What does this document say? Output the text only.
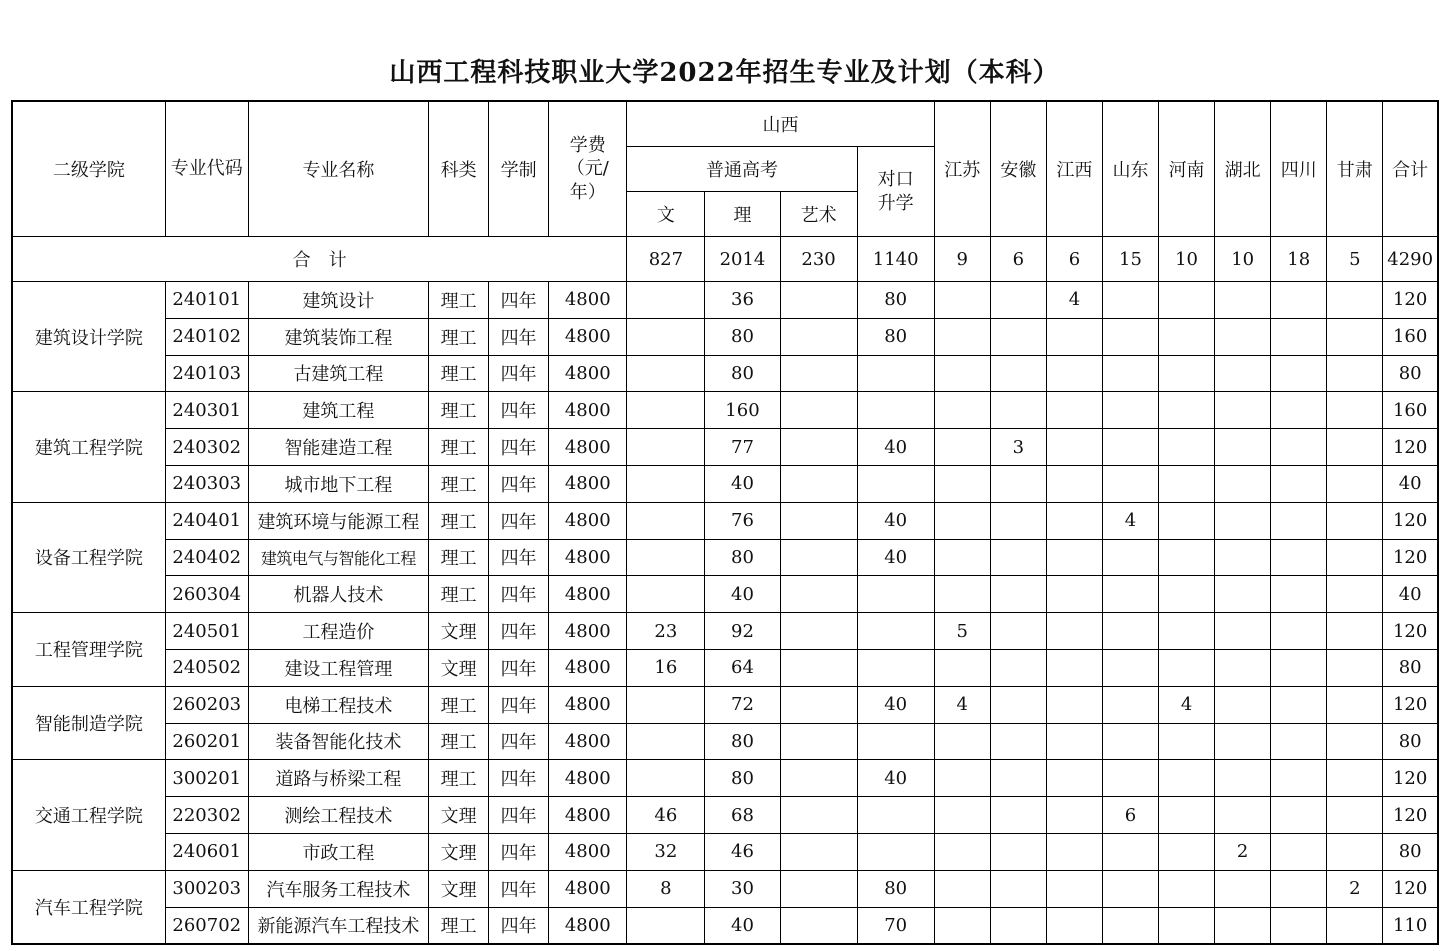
山西工程科技职业大学2022年招生专业及计划（本科）
二级学院	专业代码	专业名称	科类	学制	学费（元/年）	山西				江苏	安徽	江西	山东	河南	湖北	四川	甘肃	合计
						普通高考			对口升学									
						文	理	艺术										
合　计						827	2014	230	1140	9	6	6	15	10	10	18	5	4290
建筑设计学院	240101	建筑设计	理工	四年	4800		36		80			4						120
	240102	建筑装饰工程	理工	四年	4800		80		80									160
	240103	古建筑工程	理工	四年	4800		80											80
建筑工程学院	240301	建筑工程	理工	四年	4800		160											160
	240302	智能建造工程	理工	四年	4800		77		40		3							120
	240303	城市地下工程	理工	四年	4800		40											40
设备工程学院	240401	建筑环境与能源工程	理工	四年	4800		76		40				4					120
	240402	建筑电气与智能化工程	理工	四年	4800		80		40									120
	260304	机器人技术	理工	四年	4800		40											40
工程管理学院	240501	工程造价	文理	四年	4800	23	92			5								120
	240502	建设工程管理	文理	四年	4800	16	64											80
智能制造学院	260203	电梯工程技术	理工	四年	4800		72		40	4				4				120
	260201	装备智能化技术	理工	四年	4800		80											80
交通工程学院	300201	道路与桥梁工程	理工	四年	4800		80		40									120
	220302	测绘工程技术	文理	四年	4800	46	68						6					120
	240601	市政工程	文理	四年	4800	32	46								2			80
汽车工程学院	300203	汽车服务工程技术	文理	四年	4800	8	30		80								2	120
	260702	新能源汽车工程技术	理工	四年	4800		40		70									110
